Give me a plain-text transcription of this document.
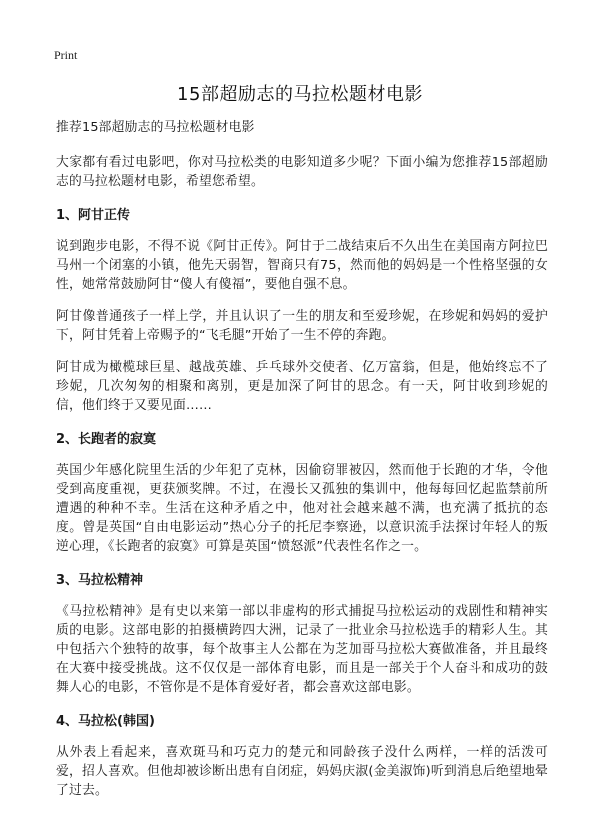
Print
15部超励志的马拉松题材电影

推荐15部超励志的马拉松题材电影

大家都有看过电影吧，你对马拉松类的电影知道多少呢？下面小编为您推荐15部超励志的马拉松题材电影，希望您希望。

1、阿甘正传

说到跑步电影，不得不说《阿甘正传》。阿甘于二战结束后不久出生在美国南方阿拉巴马州一个闭塞的小镇，他先天弱智，智商只有75，然而他的妈妈是一个性格坚强的女性，她常常鼓励阿甘“傻人有傻福”，要他自强不息。

阿甘像普通孩子一样上学，并且认识了一生的朋友和至爱珍妮，在珍妮和妈妈的爱护下，阿甘凭着上帝赐予的“飞毛腿”开始了一生不停的奔跑。

阿甘成为橄榄球巨星、越战英雄、乒乓球外交使者、亿万富翁，但是，他始终忘不了珍妮，几次匆匆的相聚和离别，更是加深了阿甘的思念。有一天，阿甘收到珍妮的信，他们终于又要见面……

2、长跑者的寂寞

英国少年感化院里生活的少年犯了克林，因偷窃罪被囚，然而他于长跑的才华，令他受到高度重视，更获颁奖牌。不过，在漫长又孤独的集训中，他每每回忆起监禁前所遭遇的种种不幸。生活在这种矛盾之中，他对社会越来越不满，也充满了抵抗的态度。曾是英国“自由电影运动”热心分子的托尼李察逊，以意识流手法探讨年轻人的叛逆心理，《长跑者的寂寞》可算是英国“愤怒派”代表性名作之一。

3、马拉松精神

《马拉松精神》是有史以来第一部以非虚构的形式捕捉马拉松运动的戏剧性和精神实质的电影。这部电影的拍摄横跨四大洲，记录了一批业余马拉松选手的精彩人生。其中包括六个独特的故事，每个故事主人公都在为芝加哥马拉松大赛做准备，并且最终在大赛中接受挑战。这不仅仅是一部体育电影，而且是一部关于个人奋斗和成功的鼓舞人心的电影，不管你是不是体育爱好者，都会喜欢这部电影。

4、马拉松(韩国)

从外表上看起来，喜欢斑马和巧克力的楚元和同龄孩子没什么两样，一样的活泼可爱，招人喜欢。但他却被诊断出患有自闭症，妈妈庆淑(金美淑饰)听到消息后绝望地晕了过去。
